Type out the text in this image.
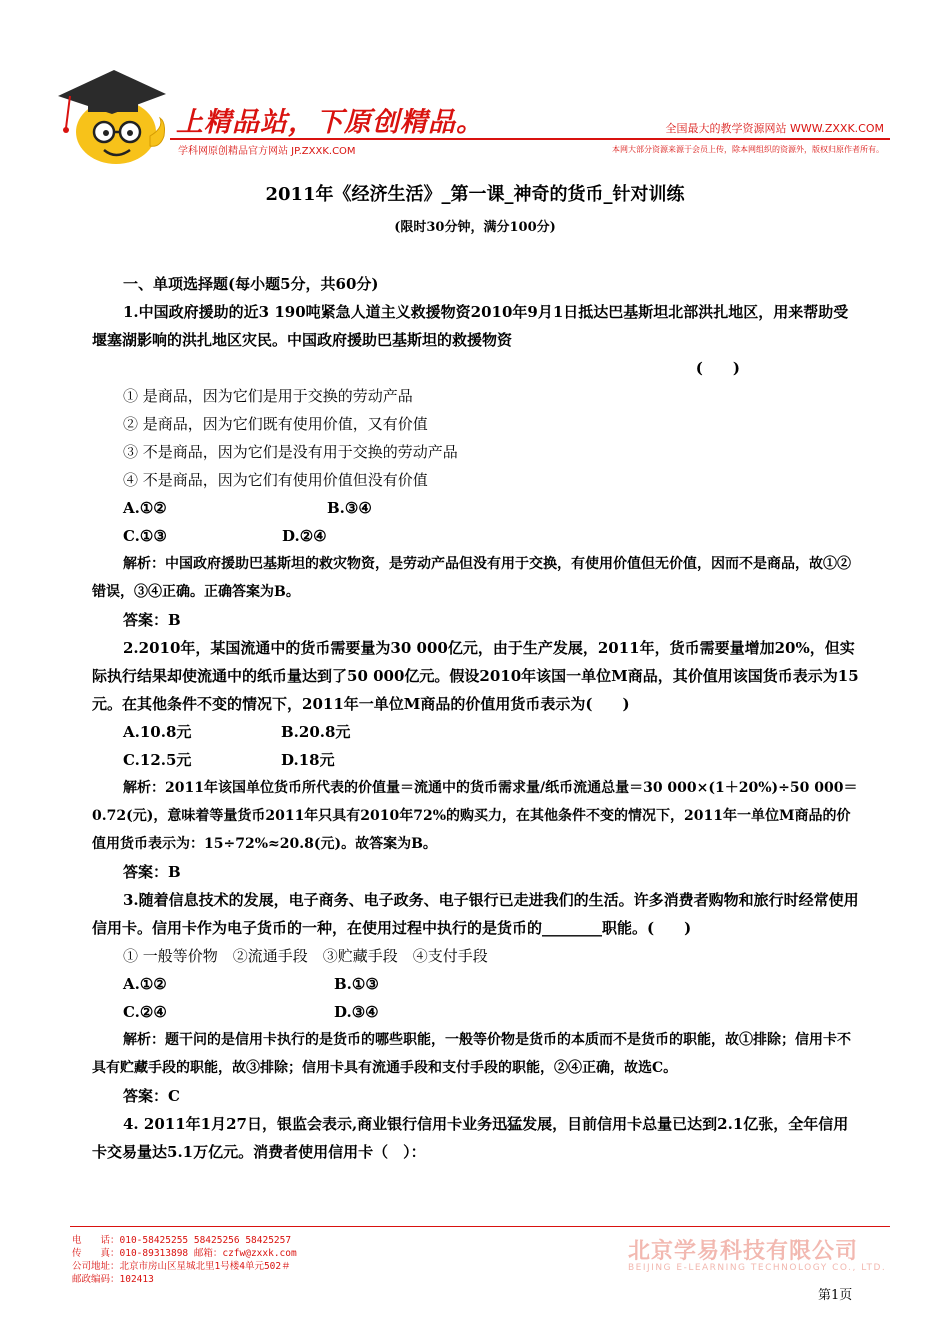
上精品站，下原创精品。	全国最大的教学资源网站 WWW.ZXXK.COM
学科网原创精品官方网站 JP.ZXXK.COM	本网大部分资源来源于会员上传，除本网组织的资源外，版权归原作者所有。
2011年《经济生活》_第一课_神奇的货币_针对训练
(限时30分钟，满分100分)

一、单项选择题(每小题5分，共60分)

1.中国政府援助的近3 190吨紧急人道主义救援物资2010年9月1日抵达巴基斯坦北部洪扎地区，用来帮助受堰塞湖影响的洪扎地区灾民。中国政府援助巴基斯坦的救援物资

(　　)

① 是商品，因为它们是用于交换的劳动产品

② 是商品，因为它们既有使用价值，又有价值

③ 不是商品，因为它们是没有用于交换的劳动产品

④ 不是商品，因为它们有使用价值但没有价值

A.①②	B.③④
C.①③	D.②④

解析：中国政府援助巴基斯坦的救灾物资，是劳动产品但没有用于交换，有使用价值但无价值，因而不是商品，故①②错误，③④正确。正确答案为B。

答案：B

2.2010年，某国流通中的货币需要量为30 000亿元，由于生产发展，2011年，货币需要量增加20%，但实际执行结果却使流通中的纸币量达到了50 000亿元。假设2010年该国一单位M商品，其价值用该国货币表示为15元。在其他条件不变的情况下，2011年一单位M商品的价值用货币表示为(　　)

A.10.8元	B.20.8元
C.12.5元	D.18元

解析：2011年该国单位货币所代表的价值量＝流通中的货币需求量/纸币流通总量＝30 000×(1＋20%)÷50 000＝0.72(元)，意味着等量货币2011年只具有2010年72%的购买力，在其他条件不变的情况下，2011年一单位M商品的价值用货币表示为：15÷72%≈20.8(元)。故答案为B。

答案：B

3.随着信息技术的发展，电子商务、电子政务、电子银行已走进我们的生活。许多消费者购物和旅行时经常使用信用卡。信用卡作为电子货币的一种，在使用过程中执行的是货币的________职能。(　　)

① 一般等价物　②流通手段　③贮藏手段　④支付手段

A.①②	B.①③
C.②④	D.③④

解析：题干问的是信用卡执行的是货币的哪些职能，一般等价物是货币的本质而不是货币的职能，故①排除；信用卡不具有贮藏手段的职能，故③排除；信用卡具有流通手段和支付手段的职能，②④正确，故选C。

答案：C

4. 2011年1月27日，银监会表示,商业银行信用卡业务迅猛发展，目前信用卡总量已达到2.1亿张，全年信用卡交易量达5.1万亿元。消费者使用信用卡（　）：

电　　话：010-58425255 58425256 58425257
传　　真：010-89313898 邮箱：czfw@zxxk.com
公司地址：北京市房山区星城北里1号楼4单元502＃
邮政编码：102413
北京学易科技有限公司
BEIJING E-LEARNING TECHNOLOGY CO., LTD.
第1页
